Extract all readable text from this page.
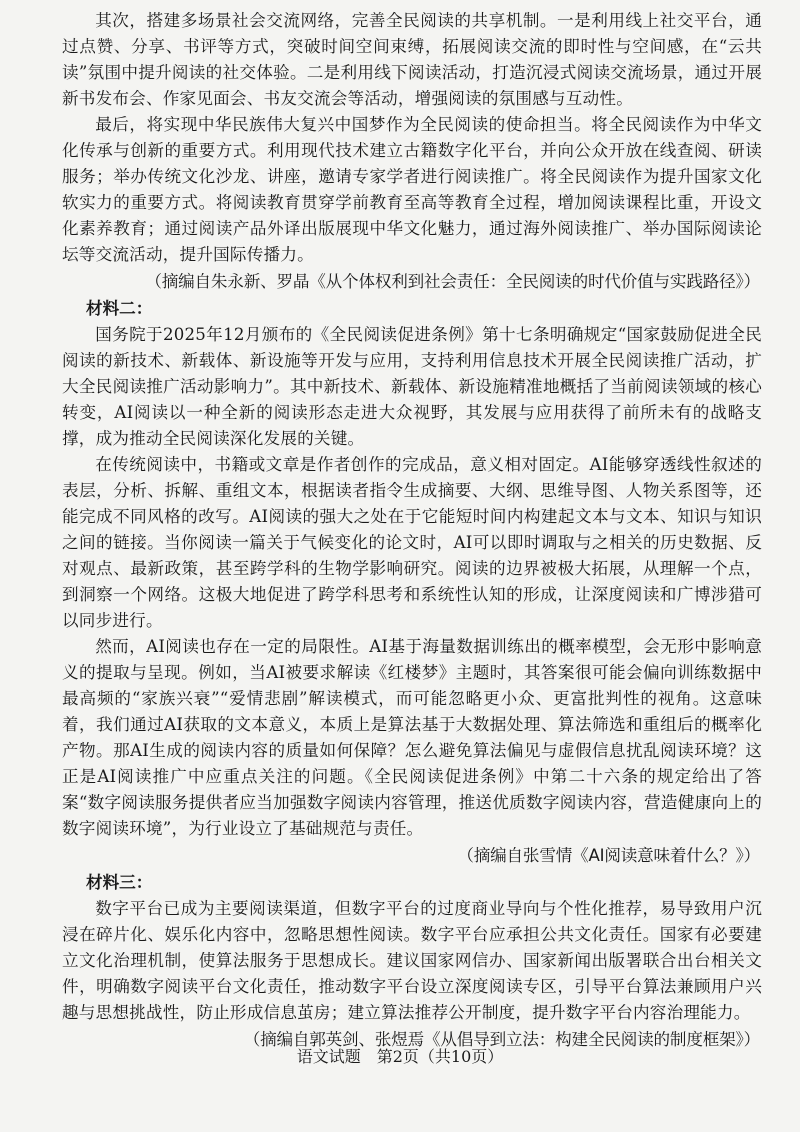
其次，搭建多场景社会交流网络，完善全民阅读的共享机制。一是利用线上社交平台，通过点赞、分享、书评等方式，突破时间空间束缚，拓展阅读交流的即时性与空间感，在“云共读”氛围中提升阅读的社交体验。二是利用线下阅读活动，打造沉浸式阅读交流场景，通过开展新书发布会、作家见面会、书友交流会等活动，增强阅读的氛围感与互动性。

最后，将实现中华民族伟大复兴中国梦作为全民阅读的使命担当。将全民阅读作为中华文化传承与创新的重要方式。利用现代技术建立古籍数字化平台，并向公众开放在线查阅、研读服务；举办传统文化沙龙、讲座，邀请专家学者进行阅读推广。将全民阅读作为提升国家文化软实力的重要方式。将阅读教育贯穿学前教育至高等教育全过程，增加阅读课程比重，开设文化素养教育；通过阅读产品外译出版展现中华文化魅力，通过海外阅读推广、举办国际阅读论坛等交流活动，提升国际传播力。

（摘编自朱永新、罗晶《从个体权利到社会责任：全民阅读的时代价值与实践路径》）

材料二：

国务院于2025年12月颁布的《全民阅读促进条例》第十七条明确规定“国家鼓励促进全民阅读的新技术、新载体、新设施等开发与应用，支持利用信息技术开展全民阅读推广活动，扩大全民阅读推广活动影响力”。其中新技术、新载体、新设施精准地概括了当前阅读领域的核心转变，AI阅读以一种全新的阅读形态走进大众视野，其发展与应用获得了前所未有的战略支撑，成为推动全民阅读深化发展的关键。

在传统阅读中，书籍或文章是作者创作的完成品，意义相对固定。AI能够穿透线性叙述的表层，分析、拆解、重组文本，根据读者指令生成摘要、大纲、思维导图、人物关系图等，还能完成不同风格的改写。AI阅读的强大之处在于它能短时间内构建起文本与文本、知识与知识之间的链接。当你阅读一篇关于气候变化的论文时，AI可以即时调取与之相关的历史数据、反对观点、最新政策，甚至跨学科的生物学影响研究。阅读的边界被极大拓展，从理解一个点，到洞察一个网络。这极大地促进了跨学科思考和系统性认知的形成，让深度阅读和广博涉猎可以同步进行。

然而，AI阅读也存在一定的局限性。AI基于海量数据训练出的概率模型，会无形中影响意义的提取与呈现。例如，当AI被要求解读《红楼梦》主题时，其答案很可能会偏向训练数据中最高频的“家族兴衰”“爱情悲剧”解读模式，而可能忽略更小众、更富批判性的视角。这意味着，我们通过AI获取的文本意义，本质上是算法基于大数据处理、算法筛选和重组后的概率化产物。那AI生成的阅读内容的质量如何保障？怎么避免算法偏见与虚假信息扰乱阅读环境？这正是AI阅读推广中应重点关注的问题。《全民阅读促进条例》中第二十六条的规定给出了答案“数字阅读服务提供者应当加强数字阅读内容管理，推送优质数字阅读内容，营造健康向上的数字阅读环境”，为行业设立了基础规范与责任。

（摘编自张雪情《AI阅读意味着什么？》）

材料三：

数字平台已成为主要阅读渠道，但数字平台的过度商业导向与个性化推荐，易导致用户沉浸在碎片化、娱乐化内容中，忽略思想性阅读。数字平台应承担公共文化责任。国家有必要建立文化治理机制，使算法服务于思想成长。建议国家网信办、国家新闻出版署联合出台相关文件，明确数字阅读平台文化责任，推动数字平台设立深度阅读专区，引导平台算法兼顾用户兴趣与思想挑战性，防止形成信息茧房；建立算法推荐公开制度，提升数字平台内容治理能力。

（摘编自郭英剑、张煜焉《从倡导到立法：构建全民阅读的制度框架》）

语文试题　第2页（共10页）
